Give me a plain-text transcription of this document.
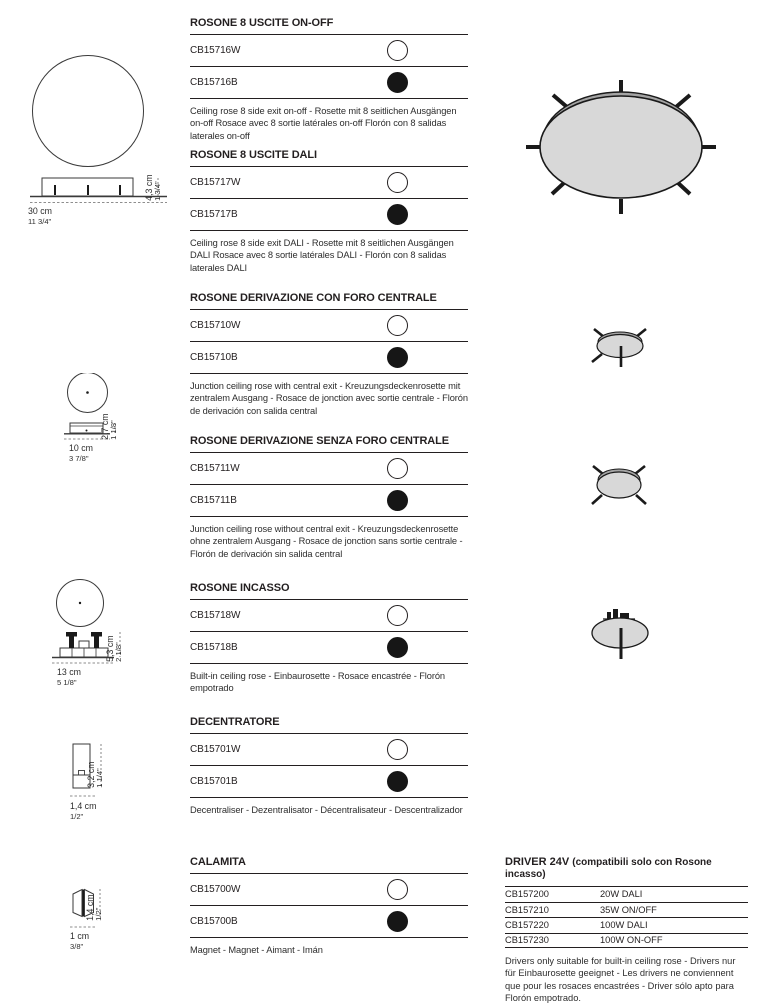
30 cm
11 3/4"
4,3 cm 1 3/4"
10 cm
3 7/8"
2,7 cm 1 1/8"
13 cm
5 1/8"
5,3 cm 2 1/8"
1,4 cm
1/2"
3,2 cm 1 1/4"
1 cm
3/8"
1,4 cm 1/2"
ROSONE 8 USCITE ON-OFF
CB15716W
CB15716B

Ceiling rose 8 side exit on-off - Rosette mit 8 seitlichen Ausgängen on-off Rosace avec 8 sortie latérales on-off Florón con 8 salidas laterales on-off

ROSONE 8 USCITE DALI
CB15717W
CB15717B

Ceiling rose 8 side exit DALI - Rosette mit 8 seitlichen Ausgängen DALI Rosace avec 8 sortie latérales DALI - Florón con 8 salidas laterales DALI

ROSONE DERIVAZIONE CON FORO CENTRALE
CB15710W
CB15710B

Junction ceiling rose with central exit - Kreuzungsdeckenrosette mit zentralem Ausgang - Rosace de jonction avec sortie centrale - Florón de derivación con salida central

ROSONE DERIVAZIONE SENZA FORO CENTRALE
CB15711W
CB15711B

Junction ceiling rose without central exit - Kreuzungsdeckenrosette ohne zentralem Ausgang - Rosace de jonction sans sortie centrale - Florón de derivación sin salida central

ROSONE INCASSO
CB15718W
CB15718B

Built-in ceiling rose - Einbaurosette - Rosace encastrée - Florón empotrado

DECENTRATORE
CB15701W
CB15701B

Decentraliser - Dezentralisator - Décentralisateur - Descentralizador

CALAMITA
CB15700W
CB15700B

Magnet - Magnet - Aimant - Imán

DRIVER 24V (compatibili solo con Rosone incasso)
CB157200	20W DALI
CB157210	35W ON/OFF
CB157220	100W DALI
CB157230	100W ON-OFF

Drivers only suitable for built-in ceiling rose - Drivers nur für Einbaurosette geeignet - Les drivers ne conviennent que pour les rosaces encastrées - Driver sólo apto para Florón empotrado.
